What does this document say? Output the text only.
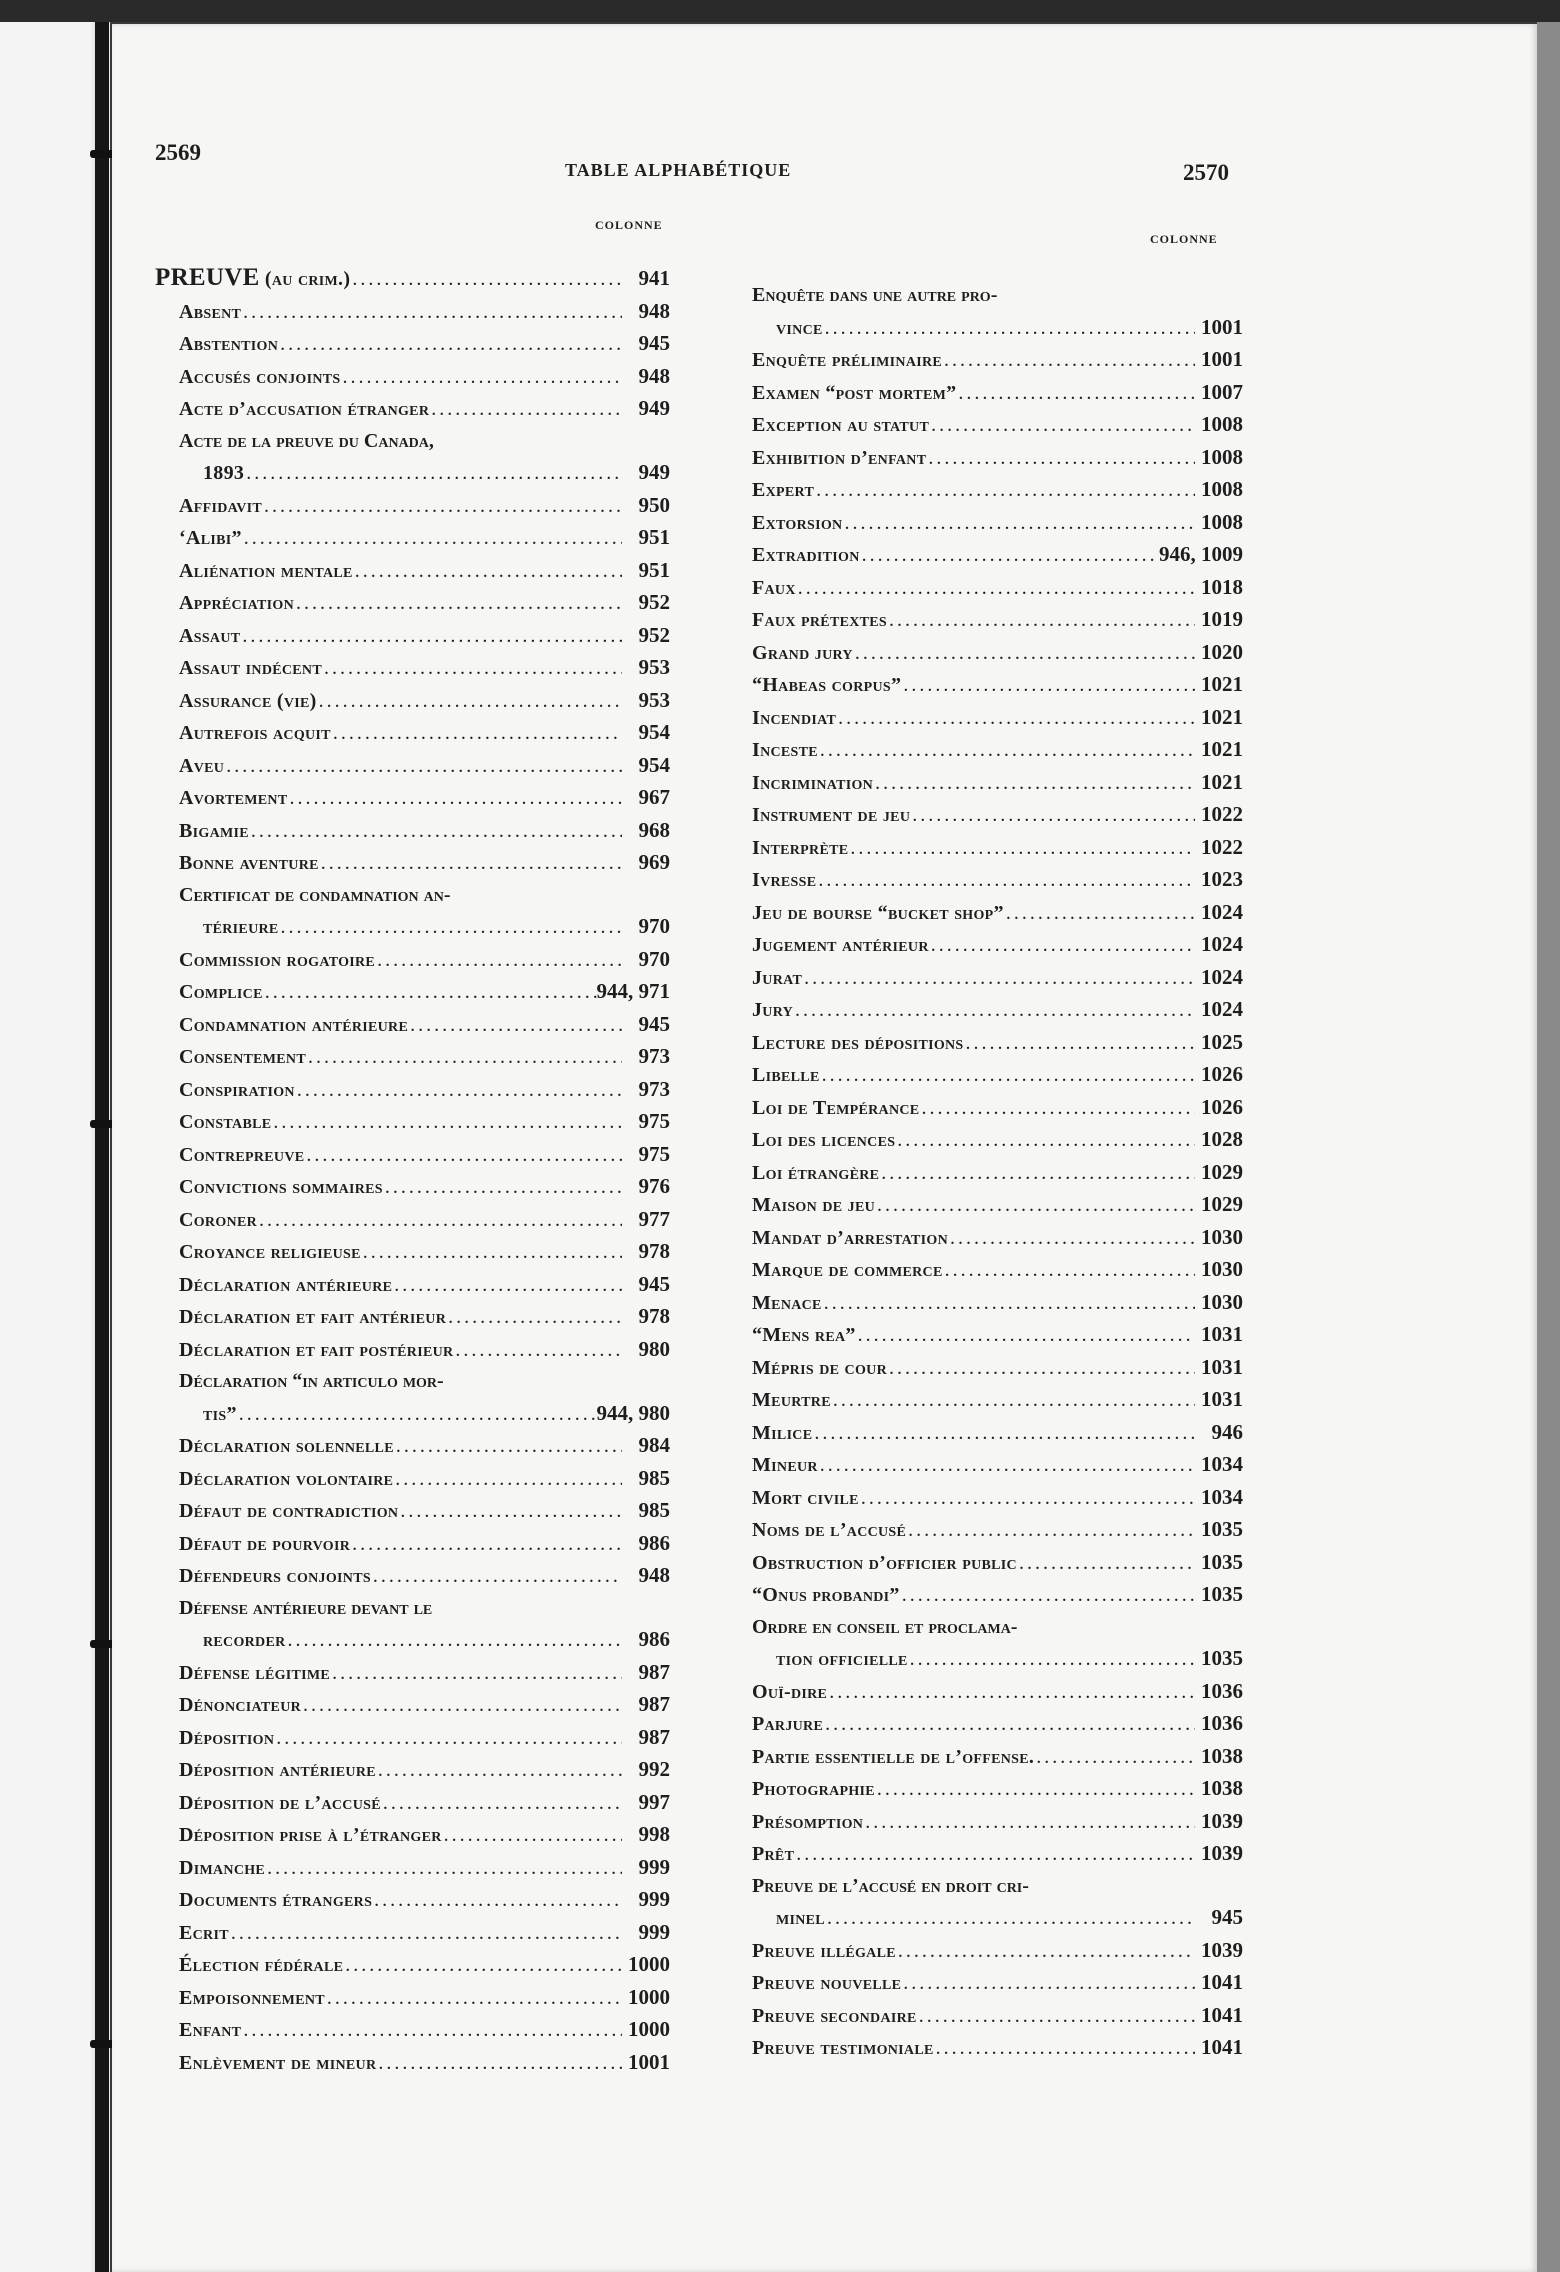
2569
TABLE ALPHABÉTIQUE	2570
COLONNE
COLONNE
PREUVE (au crim.) .....	941
Absent .....	948
Abstention .....	945
Accusés conjoints .....	948
Acte d’accusation étranger .....	949
Acte de la preuve du Canada,
1893 .....	949
Affidavit .....	950
‘Alibi” .....	951
Aliénation mentale .....	951
Appréciation .....	952
Assaut .....	952
Assaut indécent .....	953
Assurance (vie) .....	953
Autrefois acquit .....	954
Aveu .....	954
Avortement .....	967
Bigamie .....	968
Bonne aventure .....	969
Certificat de condamnation an-
térieure .....	970
Commission rogatoire .....	970
Complice .....	944, 971
Condamnation antérieure .....	945
Consentement .....	973
Conspiration .....	973
Constable .....	975
Contrepreuve .....	975
Convictions sommaires .....	976
Coroner .....	977
Croyance religieuse .....	978
Déclaration antérieure .....	945
Déclaration et fait antérieur .....	978
Déclaration et fait postérieur .....	980
Déclaration “in articulo mor-
tis” .....	944, 980
Déclaration solennelle .....	984
Déclaration volontaire .....	985
Défaut de contradiction .....	985
Défaut de pourvoir .....	986
Défendeurs conjoints .....	948
Défense antérieure devant le
recorder .....	986
Défense légitime .....	987
Dénonciateur .....	987
Déposition .....	987
Déposition antérieure .....	992
Déposition de l’accusé .....	997
Déposition prise à l’étranger .....	998
Dimanche .....	999
Documents étrangers .....	999
Ecrit .....	999
Élection fédérale .....	1000
Empoisonnement .....	1000
Enfant .....	1000
Enlèvement de mineur .....	1001
Enquête dans une autre pro-
vince .....	1001
Enquête préliminaire .....	1001
Examen “post mortem” .....	1007
Exception au statut .....	1008
Exhibition d’enfant .....	1008
Expert .....	1008
Extorsion .....	1008
Extradition .....	946, 1009
Faux .....	1018
Faux prétextes .....	1019
Grand jury .....	1020
“Habeas corpus” .....	1021
Incendiat .....	1021
Inceste .....	1021
Incrimination .....	1021
Instrument de jeu .....	1022
Interprète .....	1022
Ivresse .....	1023
Jeu de bourse “bucket shop” .....	1024
Jugement antérieur .....	1024
Jurat .....	1024
Jury .....	1024
Lecture des dépositions .....	1025
Libelle .....	1026
Loi de Tempérance .....	1026
Loi des licences .....	1028
Loi étrangère .....	1029
Maison de jeu .....	1029
Mandat d’arrestation .....	1030
Marque de commerce .....	1030
Menace .....	1030
“Mens rea” .....	1031
Mépris de cour .....	1031
Meurtre .....	1031
Milice .....	946
Mineur .....	1034
Mort civile .....	1034
Noms de l’accusé .....	1035
Obstruction d’officier public .....	1035
“Onus probandi” .....	1035
Ordre en conseil et proclama-
tion officielle .....	1035
Ouï-dire .....	1036
Parjure .....	1036
Partie essentielle de l’offense. .....	1038
Photographie .....	1038
Présomption .....	1039
Prêt .....	1039
Preuve de l’accusé en droit cri-
minel .....	945
Preuve illégale .....	1039
Preuve nouvelle .....	1041
Preuve secondaire .....	1041
Preuve testimoniale .....	1041
